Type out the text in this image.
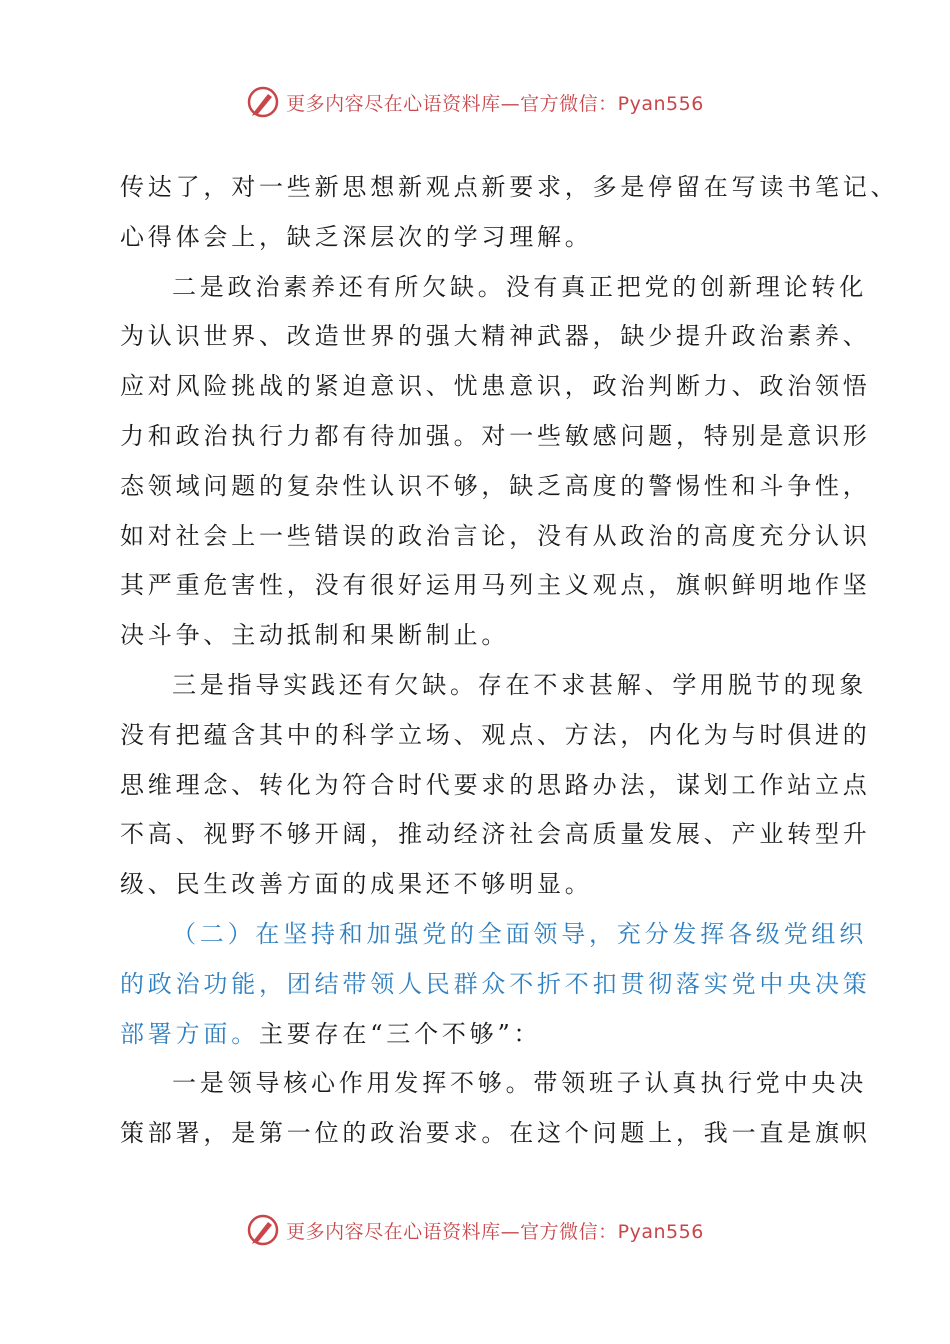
更多内容尽在心语资料库—官方微信：Pyan556
传达了，对一些新思想新观点新要求，多是停留在写读书笔记、
心得体会上，缺乏深层次的学习理解。
二是政治素养还有所欠缺。没有真正把党的创新理论转化
为认识世界、改造世界的强大精神武器，缺少提升政治素养、
应对风险挑战的紧迫意识、忧患意识，政治判断力、政治领悟
力和政治执行力都有待加强。对一些敏感问题，特别是意识形
态领域问题的复杂性认识不够，缺乏高度的警惕性和斗争性，
如对社会上一些错误的政治言论，没有从政治的高度充分认识
其严重危害性，没有很好运用马列主义观点，旗帜鲜明地作坚
决斗争、主动抵制和果断制止。
三是指导实践还有欠缺。存在不求甚解、学用脱节的现象
没有把蕴含其中的科学立场、观点、方法，内化为与时俱进的
思维理念、转化为符合时代要求的思路办法，谋划工作站立点
不高、视野不够开阔，推动经济社会高质量发展、产业转型升
级、民生改善方面的成果还不够明显。
（二）在坚持和加强党的全面领导，充分发挥各级党组织
的政治功能，团结带领人民群众不折不扣贯彻落实党中央决策
部署方面。主要存在“三个不够”：
一是领导核心作用发挥不够。带领班子认真执行党中央决
策部署，是第一位的政治要求。在这个问题上，我一直是旗帜
更多内容尽在心语资料库—官方微信：Pyan556
